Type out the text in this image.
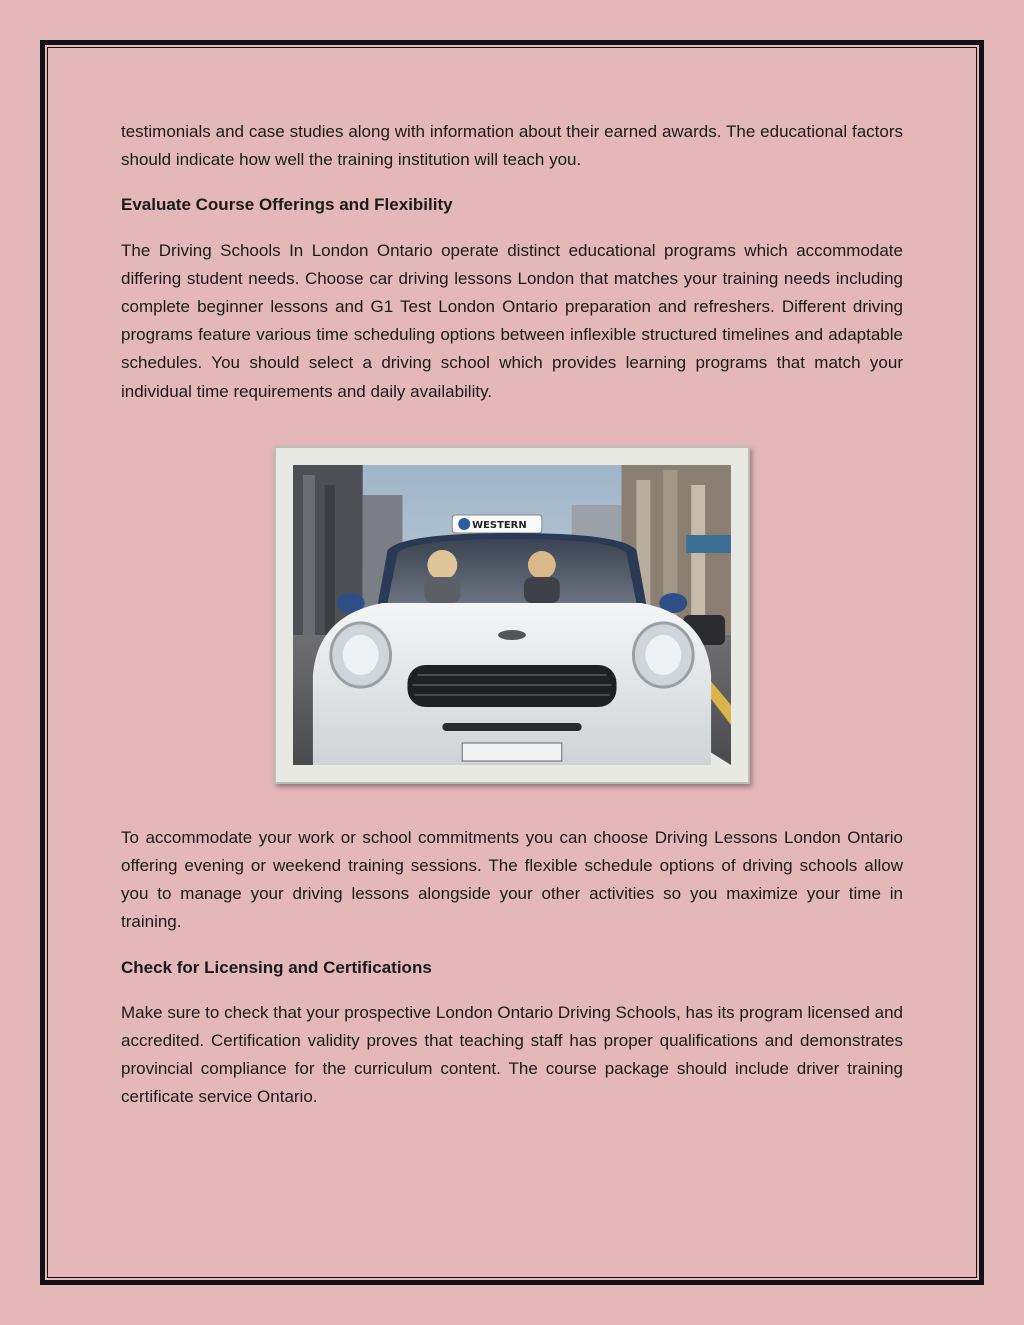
testimonials and case studies along with information about their earned awards. The educational factors should indicate how well the training institution will teach you.

Evaluate Course Offerings and Flexibility

The Driving Schools In London Ontario operate distinct educational programs which accommodate differing student needs. Choose car driving lessons London that matches your training needs including complete beginner lessons and G1 Test London Ontario preparation and refreshers. Different driving programs feature various time scheduling options between inflexible structured timelines and adaptable schedules. You should select a driving school which provides learning programs that match your individual time requirements and daily availability.

WESTERN

To accommodate your work or school commitments you can choose Driving Lessons London Ontario offering evening or weekend training sessions. The flexible schedule options of driving schools allow you to manage your driving lessons alongside your other activities so you maximize your time in training.

Check for Licensing and Certifications

Make sure to check that your prospective London Ontario Driving Schools, has its program licensed and accredited. Certification validity proves that teaching staff has proper qualifications and demonstrates provincial compliance for the curriculum content. The course package should include driver training certificate service Ontario.
